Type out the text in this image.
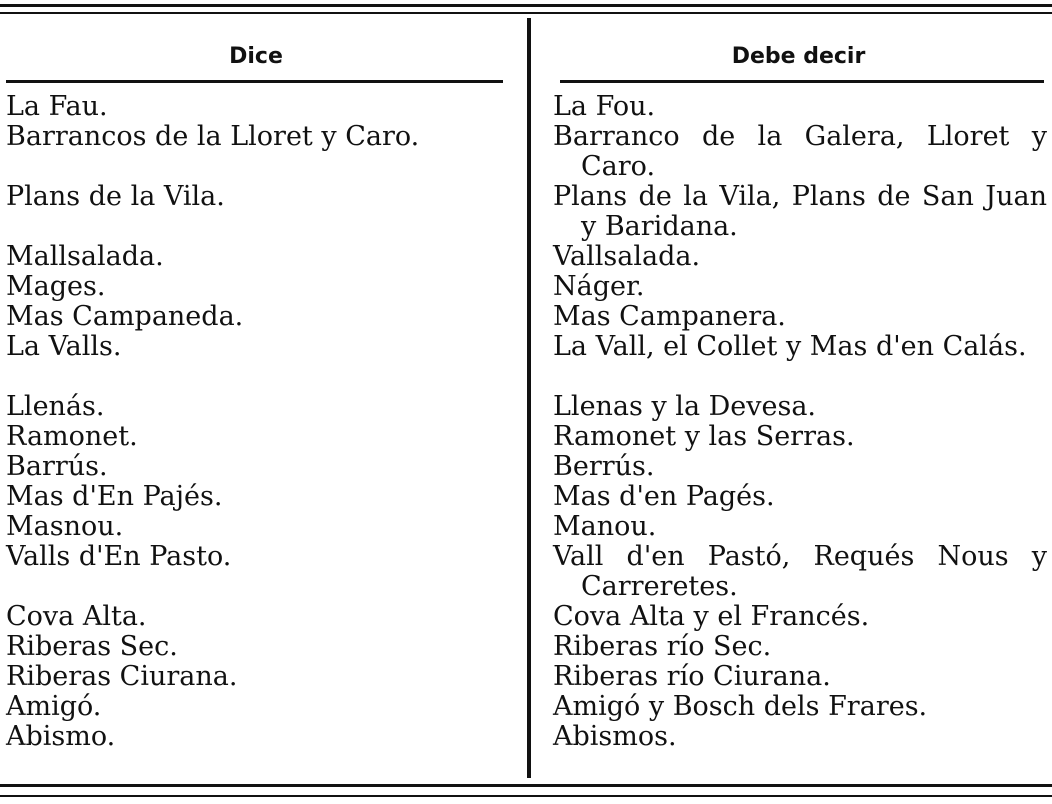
Dice	Debe decir

La Fau.

Barrancos de la Lloret y Caro.

Plans de la Vila.

Mallsalada.

Mages.

Mas Campaneda.

La Valls.

Llenás.

Ramonet.

Barrús.

Mas d'En Pajés.

Masnou.

Valls d'En Pasto.

Cova Alta.

Riberas Sec.

Riberas Ciurana.

Amigó.

Abismo.

La Fou.

Barranco de la Galera, Lloret y Caro.

Plans de la Vila, Plans de San Juan y Baridana.

Vallsalada.

Náger.

Mas Campanera.

La Vall, el Collet y Mas d'en Calás.

Llenas y la Devesa.

Ramonet y las Serras.

Berrús.

Mas d'en Pagés.

Manou.

Vall d'en Pastó, Requés Nous y Carreretes.

Cova Alta y el Francés.

Riberas río Sec.

Riberas río Ciurana.

Amigó y Bosch dels Frares.

Abismos.
